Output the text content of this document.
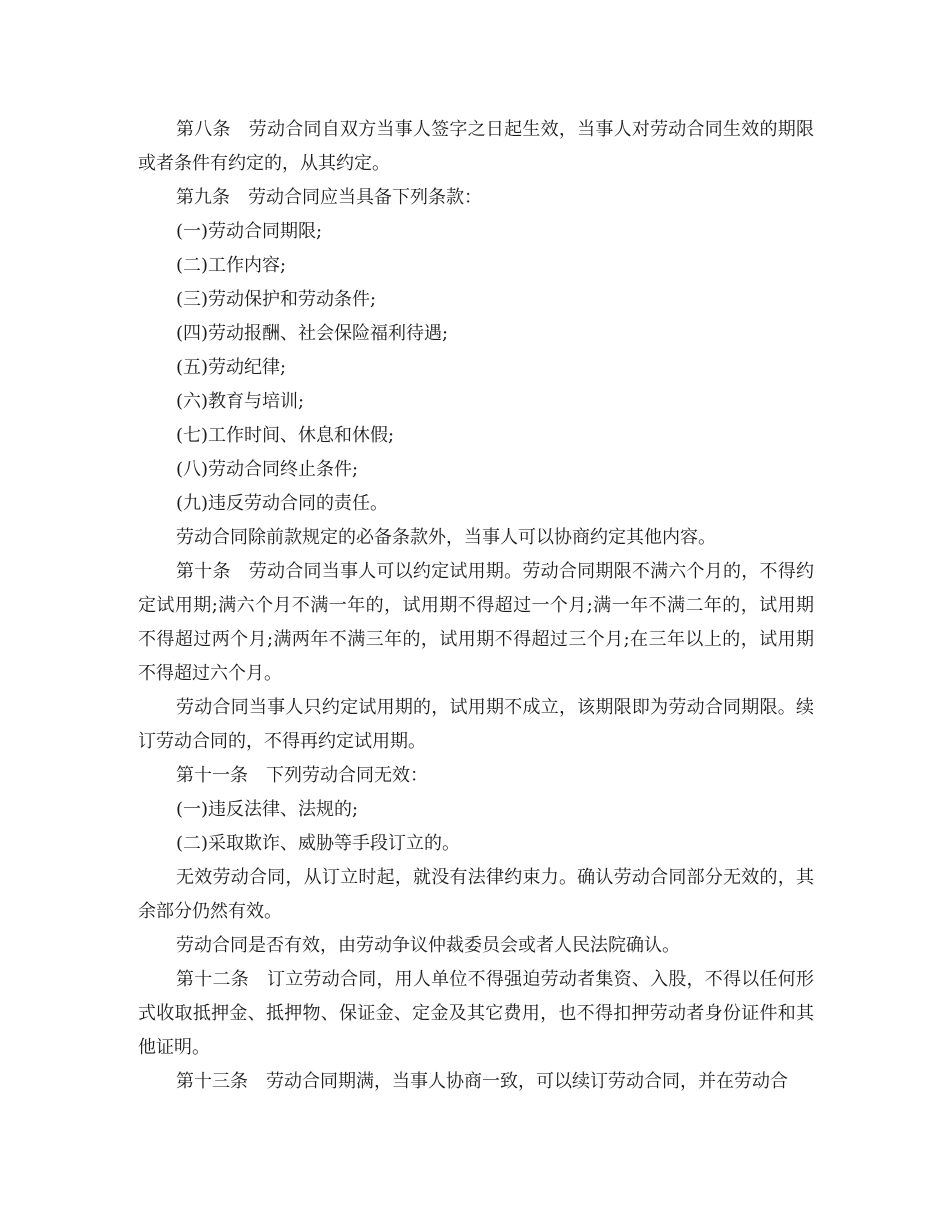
第八条 劳动合同自双方当事人签字之日起生效，当事人对劳动合同生效的期限或者条件有约定的，从其约定。

第九条 劳动合同应当具备下列条款：

(一)劳动合同期限;

(二)工作内容;

(三)劳动保护和劳动条件;

(四)劳动报酬、社会保险福利待遇;

(五)劳动纪律;

(六)教育与培训;

(七)工作时间、休息和休假;

(八)劳动合同终止条件;

(九)违反劳动合同的责任。

劳动合同除前款规定的必备条款外，当事人可以协商约定其他内容。

第十条 劳动合同当事人可以约定试用期。劳动合同期限不满六个月的，不得约定试用期;满六个月不满一年的，试用期不得超过一个月;满一年不满二年的，试用期不得超过两个月;满两年不满三年的，试用期不得超过三个月;在三年以上的，试用期不得超过六个月。

劳动合同当事人只约定试用期的，试用期不成立，该期限即为劳动合同期限。续订劳动合同的，不得再约定试用期。

第十一条 下列劳动合同无效：

(一)违反法律、法规的;

(二)采取欺诈、威胁等手段订立的。

无效劳动合同，从订立时起，就没有法律约束力。确认劳动合同部分无效的，其余部分仍然有效。

劳动合同是否有效，由劳动争议仲裁委员会或者人民法院确认。

第十二条 订立劳动合同，用人单位不得强迫劳动者集资、入股，不得以任何形式收取抵押金、抵押物、保证金、定金及其它费用，也不得扣押劳动者身份证件和其他证明。

第十三条 劳动合同期满，当事人协商一致，可以续订劳动合同，并在劳动合
